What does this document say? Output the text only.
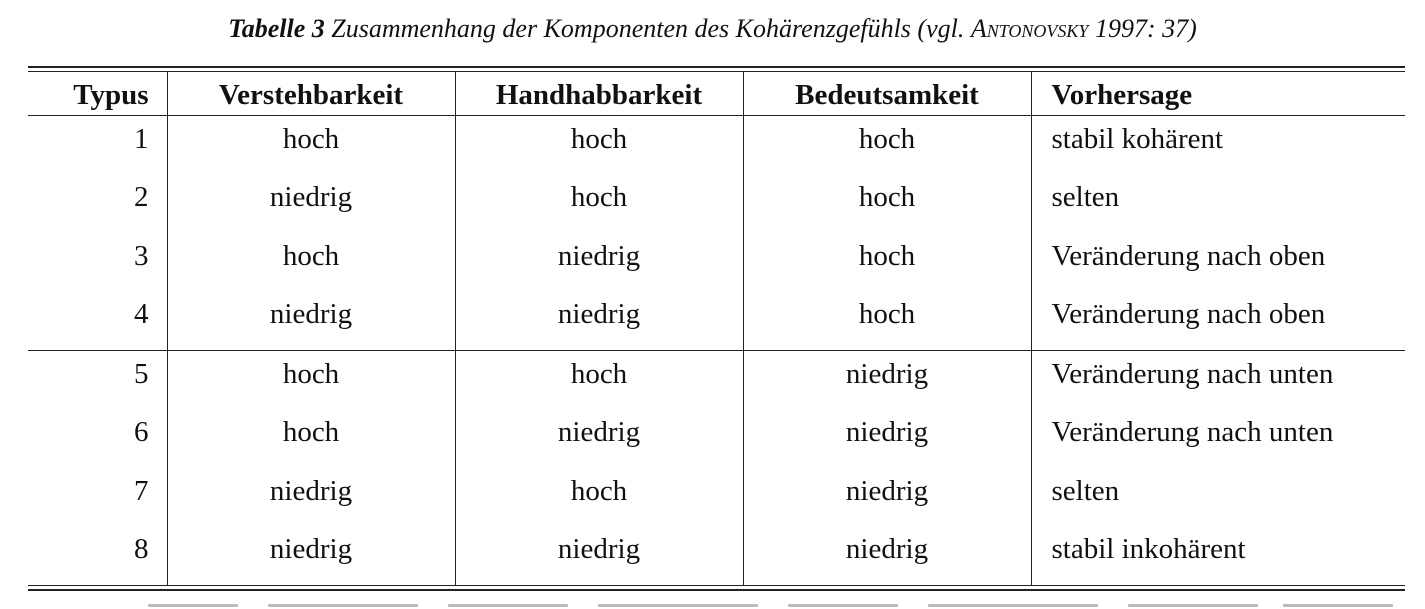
Tabelle 3 Zusammenhang der Komponenten des Kohärenzgefühls (vgl. Antonovsky 1997: 37)
Typus	Verstehbarkeit	Handhabbarkeit	Bedeutsamkeit	Vorhersage
1	hoch	hoch	hoch	stabil kohärent
2	niedrig	hoch	hoch	selten
3	hoch	niedrig	hoch	Veränderung nach oben
4	niedrig	niedrig	hoch	Veränderung nach oben
5	hoch	hoch	niedrig	Veränderung nach unten
6	hoch	niedrig	niedrig	Veränderung nach unten
7	niedrig	hoch	niedrig	selten
8	niedrig	niedrig	niedrig	stabil inkohärent
